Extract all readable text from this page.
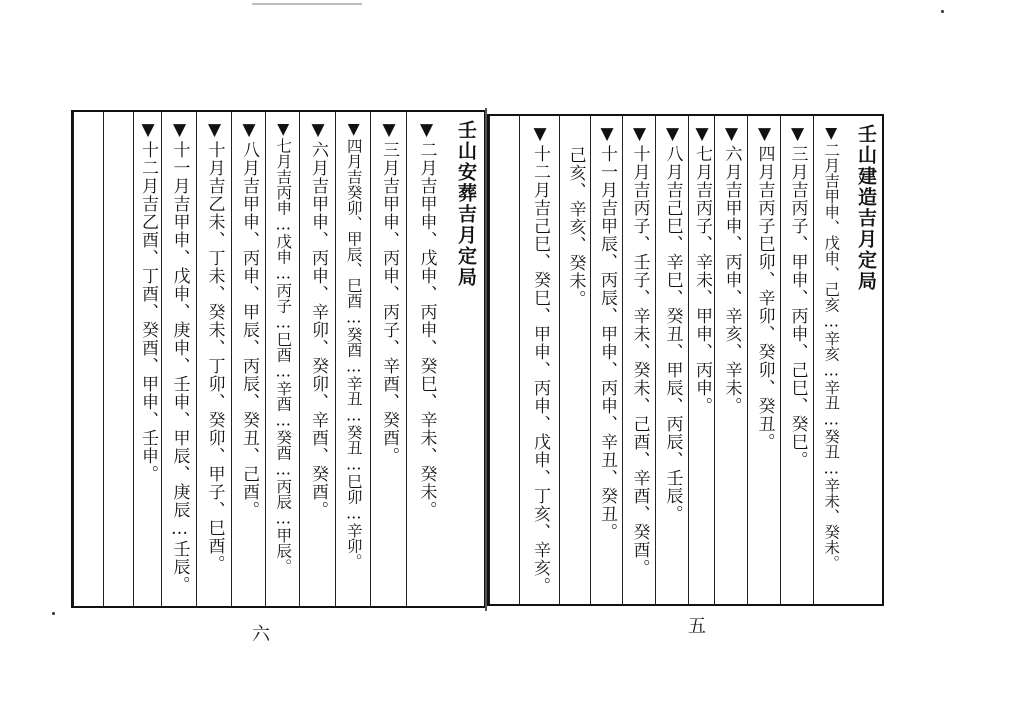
壬山安葬吉月定局
▼二月吉甲申、戊申、丙申、癸巳、辛未、癸未。
▼三月吉甲申、丙申、丙子、辛酉、癸酉。
▼四月吉癸卯、甲辰、巳酉…癸酉…辛丑…癸丑…巳卯…辛卯。
▼六月吉甲申、丙申、辛卯、癸卯、辛酉、癸酉。
▼七月吉丙申…戊申…丙子…巳酉…辛酉…癸酉…丙辰…甲辰。
▼八月吉甲申、丙申、甲辰、丙辰、癸丑、己酉。
▼十月吉乙未、丁未、癸未、丁卯、癸卯、甲子、巳酉。
▼十一月吉甲申、戊申、庚申、壬申、甲辰、庚辰…壬辰。
▼十二月吉乙酉、丁酉、癸酉、甲申、壬申。
六
壬山建造吉月定局
▼二月吉甲申、戊申、己亥…辛亥…辛丑…癸丑…辛未、癸未。
▼三月吉丙子、甲申、丙申、己巳、癸巳。
▼四月吉丙子巳卯、辛卯、癸卯、癸丑。
▼六月吉甲申、丙申、辛亥、辛未。
▼七月吉丙子、辛未、甲申、丙申。
▼八月吉己巳、辛巳、癸丑、甲辰、丙辰、壬辰。
▼十月吉丙子、壬子、辛未、癸未、己酉、辛酉、癸酉。
▼十一月吉甲辰、丙辰、甲申、丙申、辛丑、癸丑。
己亥、辛亥、癸未。
▼十二月吉己巳、癸巳、甲申、丙申、戊申、丁亥、辛亥。
五
